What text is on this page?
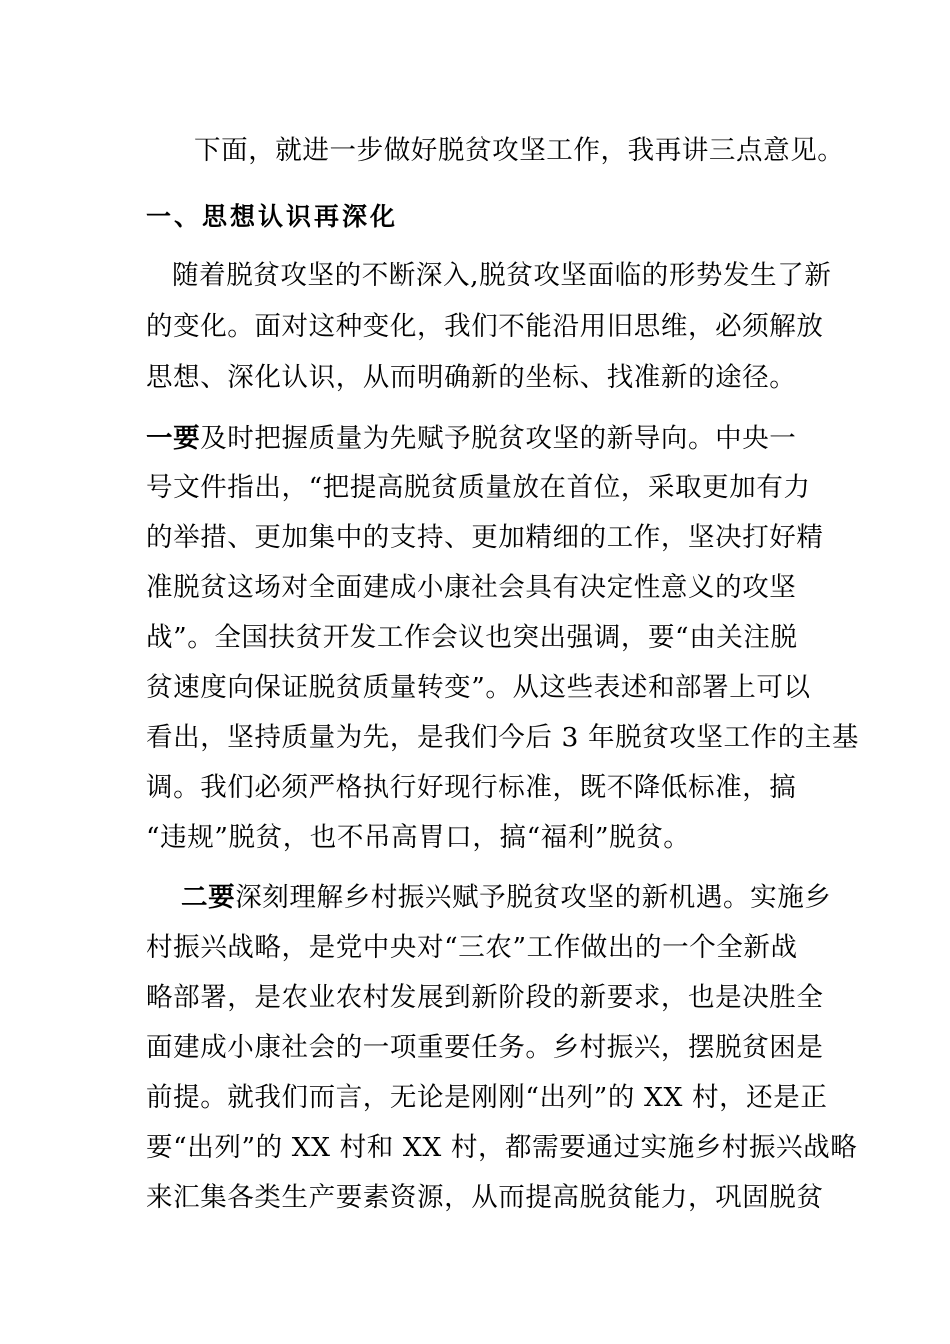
下面，就进一步做好脱贫攻坚工作，我再讲三点意见。
一、思想认识再深化
随着脱贫攻坚的不断深入,脱贫攻坚面临的形势发生了新
的变化。面对这种变化，我们不能沿用旧思维，必须解放
思想、深化认识，从而明确新的坐标、找准新的途径。
一要及时把握质量为先赋予脱贫攻坚的新导向。中央一
号文件指出，“把提高脱贫质量放在首位，采取更加有力
的举措、更加集中的支持、更加精细的工作，坚决打好精
准脱贫这场对全面建成小康社会具有决定性意义的攻坚
战”。全国扶贫开发工作会议也突出强调，要“由关注脱
贫速度向保证脱贫质量转变”。从这些表述和部署上可以
看出，坚持质量为先，是我们今后 3 年脱贫攻坚工作的主基
调。我们必须严格执行好现行标准，既不降低标准，搞
“违规”脱贫，也不吊高胃口，搞“福利”脱贫。
二要深刻理解乡村振兴赋予脱贫攻坚的新机遇。实施乡
村振兴战略，是党中央对“三农”工作做出的一个全新战
略部署，是农业农村发展到新阶段的新要求，也是决胜全
面建成小康社会的一项重要任务。乡村振兴，摆脱贫困是
前提。就我们而言，无论是刚刚“出列”的 XX 村，还是正
要“出列”的 XX 村和 XX 村，都需要通过实施乡村振兴战略
来汇集各类生产要素资源，从而提高脱贫能力，巩固脱贫
